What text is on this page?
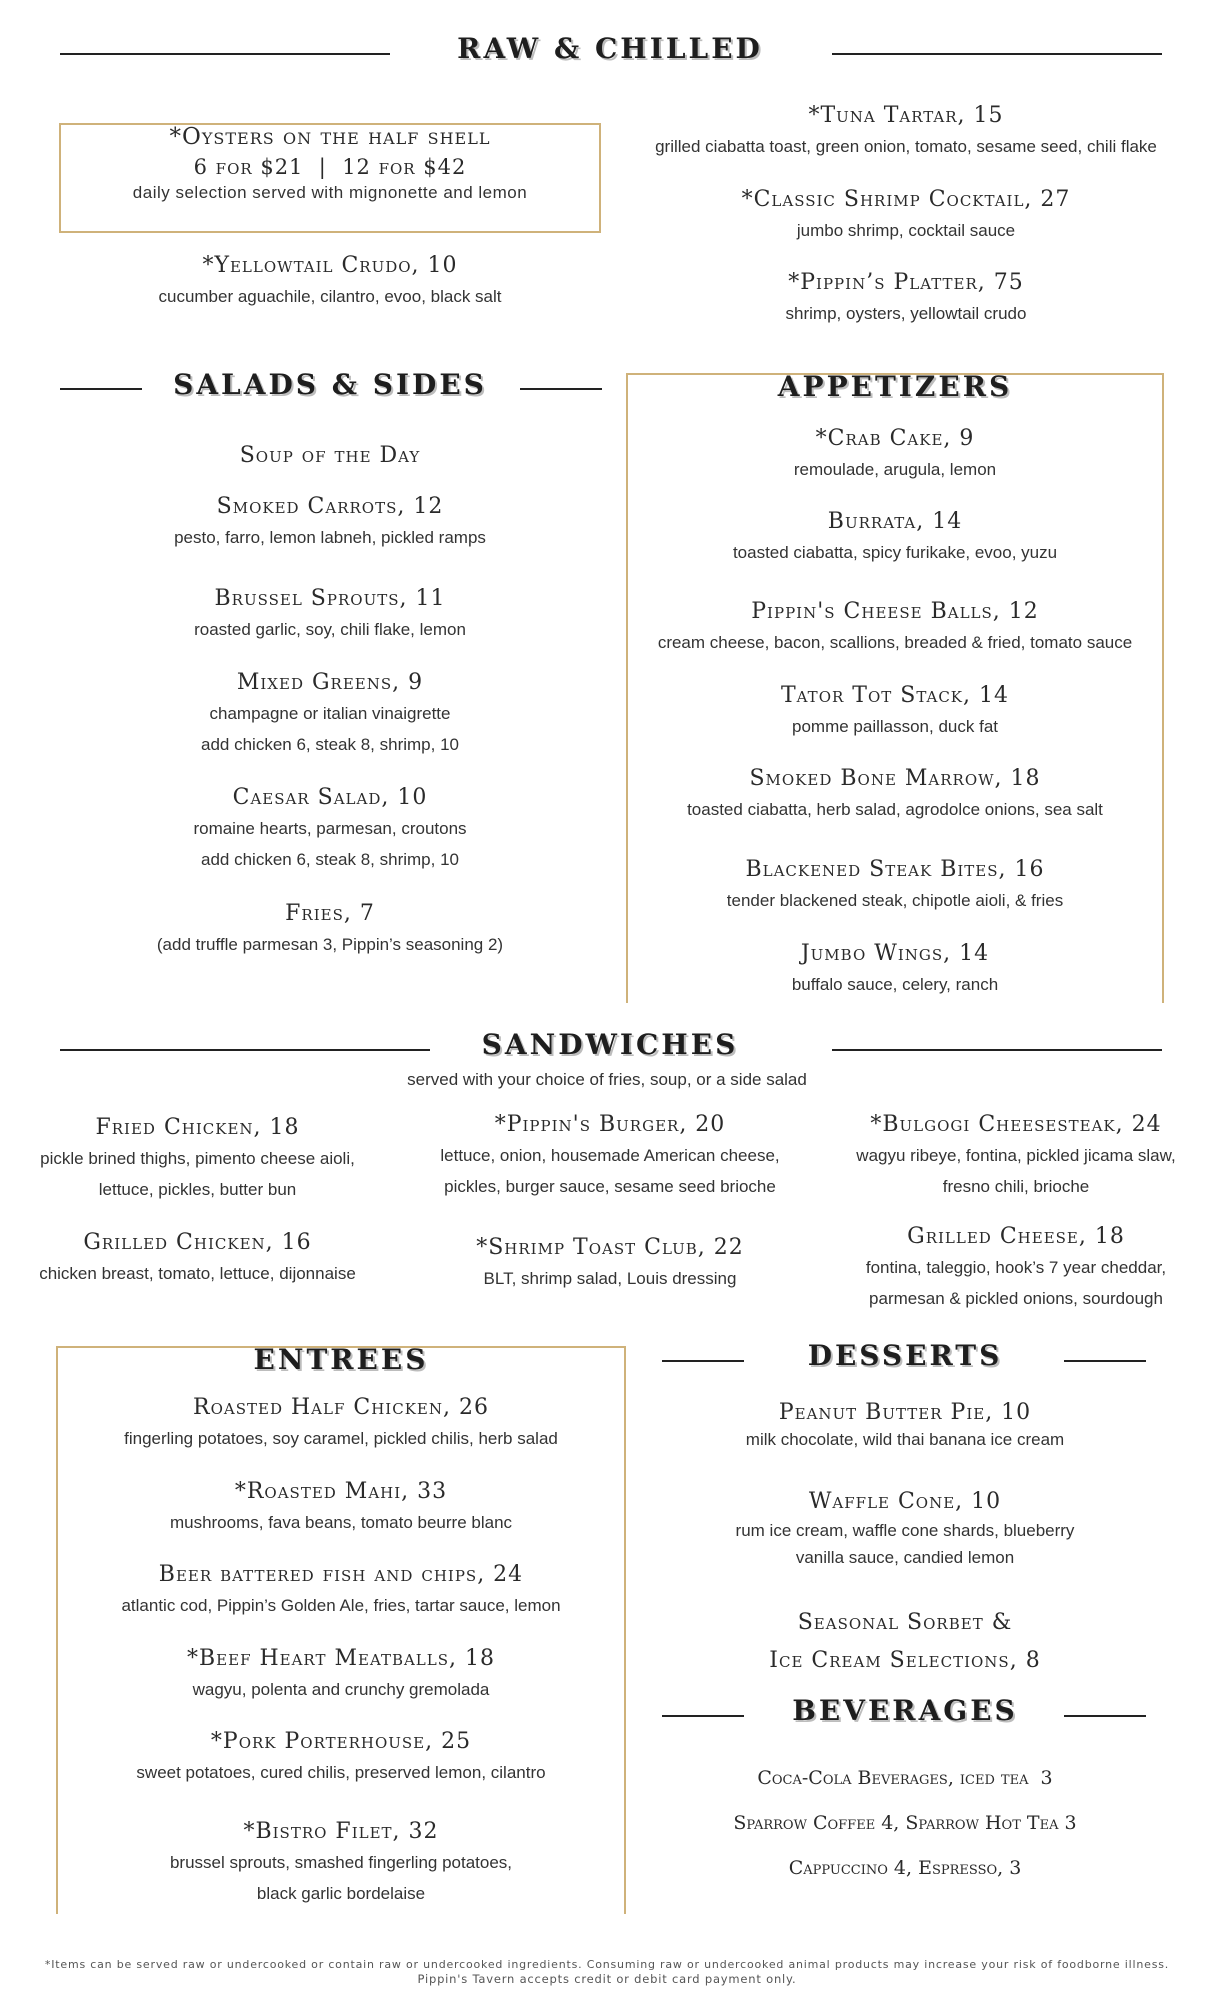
RAW & CHILLED
*Oysters on the half shell
6 for $21  |  12 for $42
daily selection served with mignonette and lemon
*Yellowtail Crudo, 10
cucumber aguachile, cilantro, evoo, black salt
*Tuna Tartar, 15
grilled ciabatta toast, green onion, tomato, sesame seed, chili flake
*Classic Shrimp Cocktail, 27
jumbo shrimp, cocktail sauce
*Pippin’s Platter, 75
shrimp, oysters, yellowtail crudo
SALADS & SIDES
Soup of the Day
Smoked Carrots, 12
pesto, farro, lemon labneh, pickled ramps
Brussel Sprouts, 11
roasted garlic, soy, chili flake, lemon
Mixed Greens, 9
champagne or italian vinaigrette
add chicken 6, steak 8, shrimp, 10
Caesar Salad, 10
romaine hearts, parmesan, croutons
add chicken 6, steak 8, shrimp, 10
Fries, 7
(add truffle parmesan 3, Pippin’s seasoning 2)
APPETIZERS
*Crab Cake, 9
remoulade, arugula, lemon
Burrata, 14
toasted ciabatta, spicy furikake, evoo, yuzu
Pippin's Cheese Balls, 12
cream cheese, bacon, scallions, breaded & fried, tomato sauce
Tator Tot Stack, 14
pomme paillasson, duck fat
Smoked Bone Marrow, 18
toasted ciabatta, herb salad, agrodolce onions, sea salt
Blackened Steak Bites, 16
tender blackened steak, chipotle aioli, & fries
Jumbo Wings, 14
buffalo sauce, celery, ranch
SANDWICHES
served with your choice of fries, soup, or a side salad
Fried Chicken, 18
pickle brined thighs, pimento cheese aioli,
lettuce, pickles, butter bun
Grilled Chicken, 16
chicken breast, tomato, lettuce, dijonnaise
*Pippin's Burger, 20
lettuce, onion, housemade American cheese,
pickles, burger sauce, sesame seed brioche
*Shrimp Toast Club, 22
BLT, shrimp salad, Louis dressing
*Bulgogi Cheesesteak, 24
wagyu ribeye, fontina, pickled jicama slaw,
fresno chili, brioche
Grilled Cheese, 18
fontina, taleggio, hook’s 7 year cheddar,
parmesan & pickled onions, sourdough
ENTREES
Roasted Half Chicken, 26
fingerling potatoes, soy caramel, pickled chilis, herb salad
*Roasted Mahi, 33
mushrooms, fava beans, tomato beurre blanc
Beer battered fish and chips, 24
atlantic cod, Pippin’s Golden Ale, fries, tartar sauce, lemon
*Beef Heart Meatballs, 18
wagyu, polenta and crunchy gremolada
*Pork Porterhouse, 25
sweet potatoes, cured chilis, preserved lemon, cilantro
*Bistro Filet, 32
brussel sprouts, smashed fingerling potatoes,
black garlic bordelaise
DESSERTS
Peanut Butter Pie, 10
milk chocolate, wild thai banana ice cream
Waffle Cone, 10
rum ice cream, waffle cone shards, blueberry
vanilla sauce, candied lemon
Seasonal Sorbet &
Ice Cream Selections, 8
BEVERAGES
Coca-Cola Beverages, iced tea  3
Sparrow Coffee 4, Sparrow Hot Tea 3
Cappuccino 4, Espresso, 3
*Items can be served raw or undercooked or contain raw or undercooked ingredients. Consuming raw or undercooked animal products may increase your risk of foodborne illness.
Pippin's Tavern accepts credit or debit card payment only.
